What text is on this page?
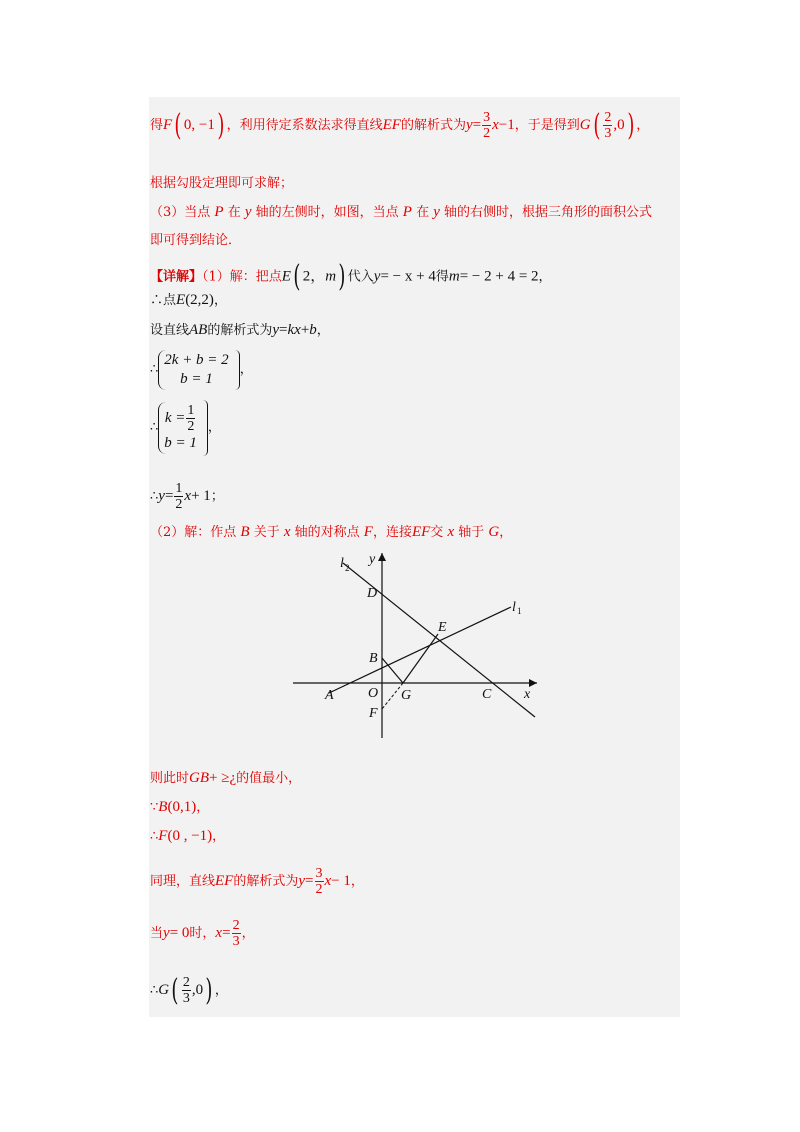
得F( 0, −1) ，利用待定系数法求得直线EF的解析式为$y= \frac{3}{2} x-1$，于是得到$G( \frac{2}{3} ,0)$ ，
根据勾股定理即可求解；
（3）当点 P 在 y 轴的左侧时，如图，当点 P 在 y 轴的右侧时，根据三角形的面积公式
即可得到结论．
【详解】（1）解：把点E( 2，m) 代入y= − x + 4得m= − 2 + 4 = 2，
∴点E(2,2)，
设直线AB的解析式为y=kx+b，
∴
2k + b = 2
b = 1
，
∴
$k = \frac{1}{2}$
b = 1
，
∴y= $\frac{1}{2} x+ 1$；
（2）解：作点 B 关于 x 轴的对称点 F，连接EF交 x 轴于 G，
l 2
y
D
l 1
E
B
A O G	C x
F
则此时GB+ ≥¿的值最小，
∵B(0,1)，
∴F(0 , −1)，
同理，直线EF的解析式为$y= \frac{3}{2} x- 1$，
当y= 0时，$x= \frac{2}{3}$ ，
∴G( $\frac{2}{3} ,0$) ，
